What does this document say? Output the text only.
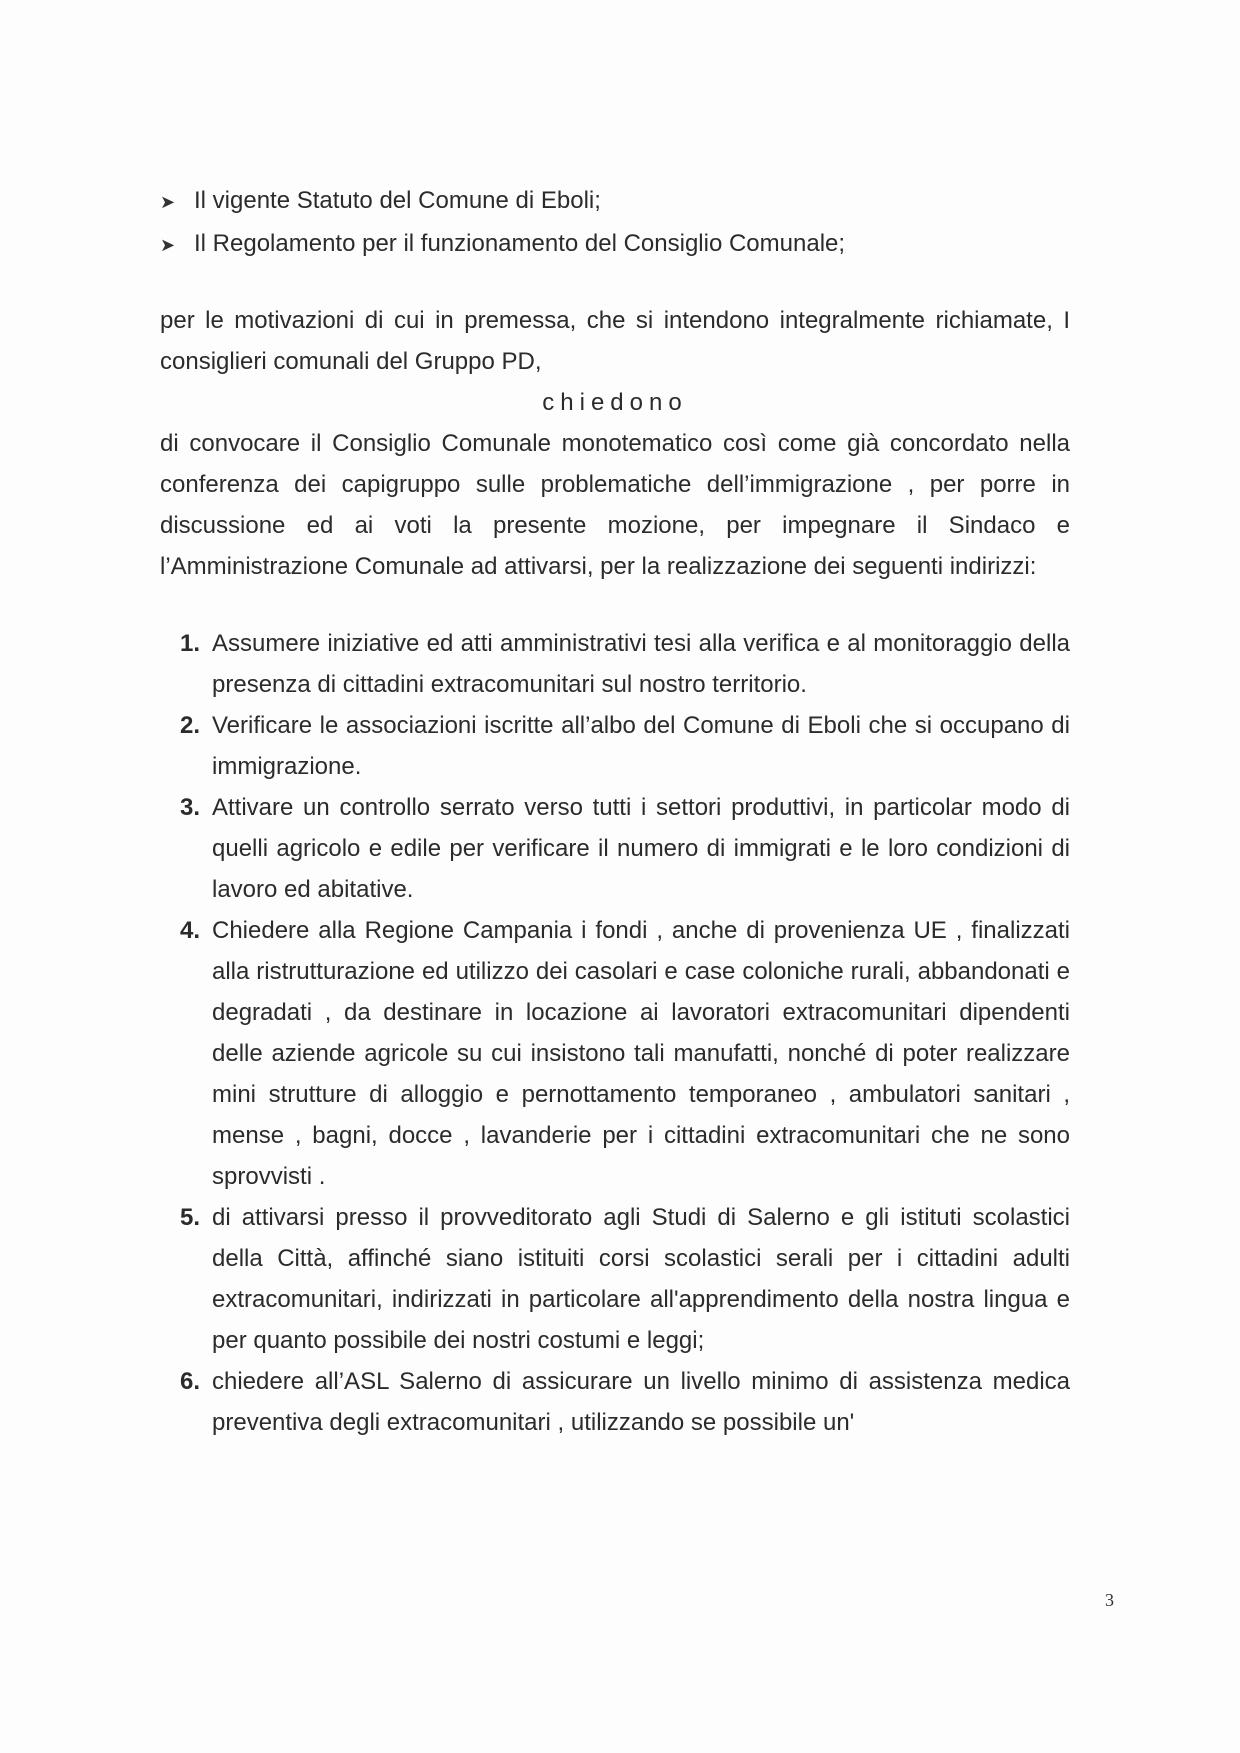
➤ Il vigente Statuto del Comune di Eboli;
➤ Il Regolamento per il funzionamento del Consiglio Comunale;

per le motivazioni di cui in premessa, che si intendono integralmente richiamate, I consiglieri comunali del Gruppo PD,

chiedono

di convocare il Consiglio Comunale monotematico così come già concordato nella conferenza dei capigruppo sulle problematiche dell’immigrazione , per porre in discussione ed ai voti la presente mozione, per impegnare il Sindaco e l’Amministrazione Comunale ad attivarsi, per la realizzazione dei seguenti indirizzi:

1. Assumere iniziative ed atti amministrativi tesi alla verifica e al monitoraggio della presenza di cittadini extracomunitari sul nostro territorio.
2. Verificare le associazioni iscritte all’albo del Comune di Eboli che si occupano di immigrazione.
3. Attivare un controllo serrato verso tutti i settori produttivi, in particolar modo di quelli agricolo e edile per verificare il numero di immigrati e le loro condizioni di lavoro ed abitative.
4. Chiedere alla Regione Campania i fondi , anche di provenienza UE , finalizzati alla ristrutturazione ed utilizzo dei casolari e case coloniche rurali, abbandonati e degradati , da destinare in locazione ai lavoratori extracomunitari dipendenti delle aziende agricole su cui insistono tali manufatti, nonché di poter realizzare mini strutture di alloggio e pernottamento temporaneo , ambulatori sanitari , mense , bagni, docce , lavanderie per i cittadini extracomunitari che ne sono sprovvisti .
5. di attivarsi presso il provveditorato agli Studi di Salerno e gli istituti scolastici della Città, affinché siano istituiti corsi scolastici serali per i cittadini adulti extracomunitari, indirizzati in particolare all'apprendimento della nostra lingua e per quanto possibile dei nostri costumi e leggi;
6. chiedere all’ASL Salerno di assicurare un livello minimo di assistenza medica preventiva degli extracomunitari , utilizzando se possibile un'
3
